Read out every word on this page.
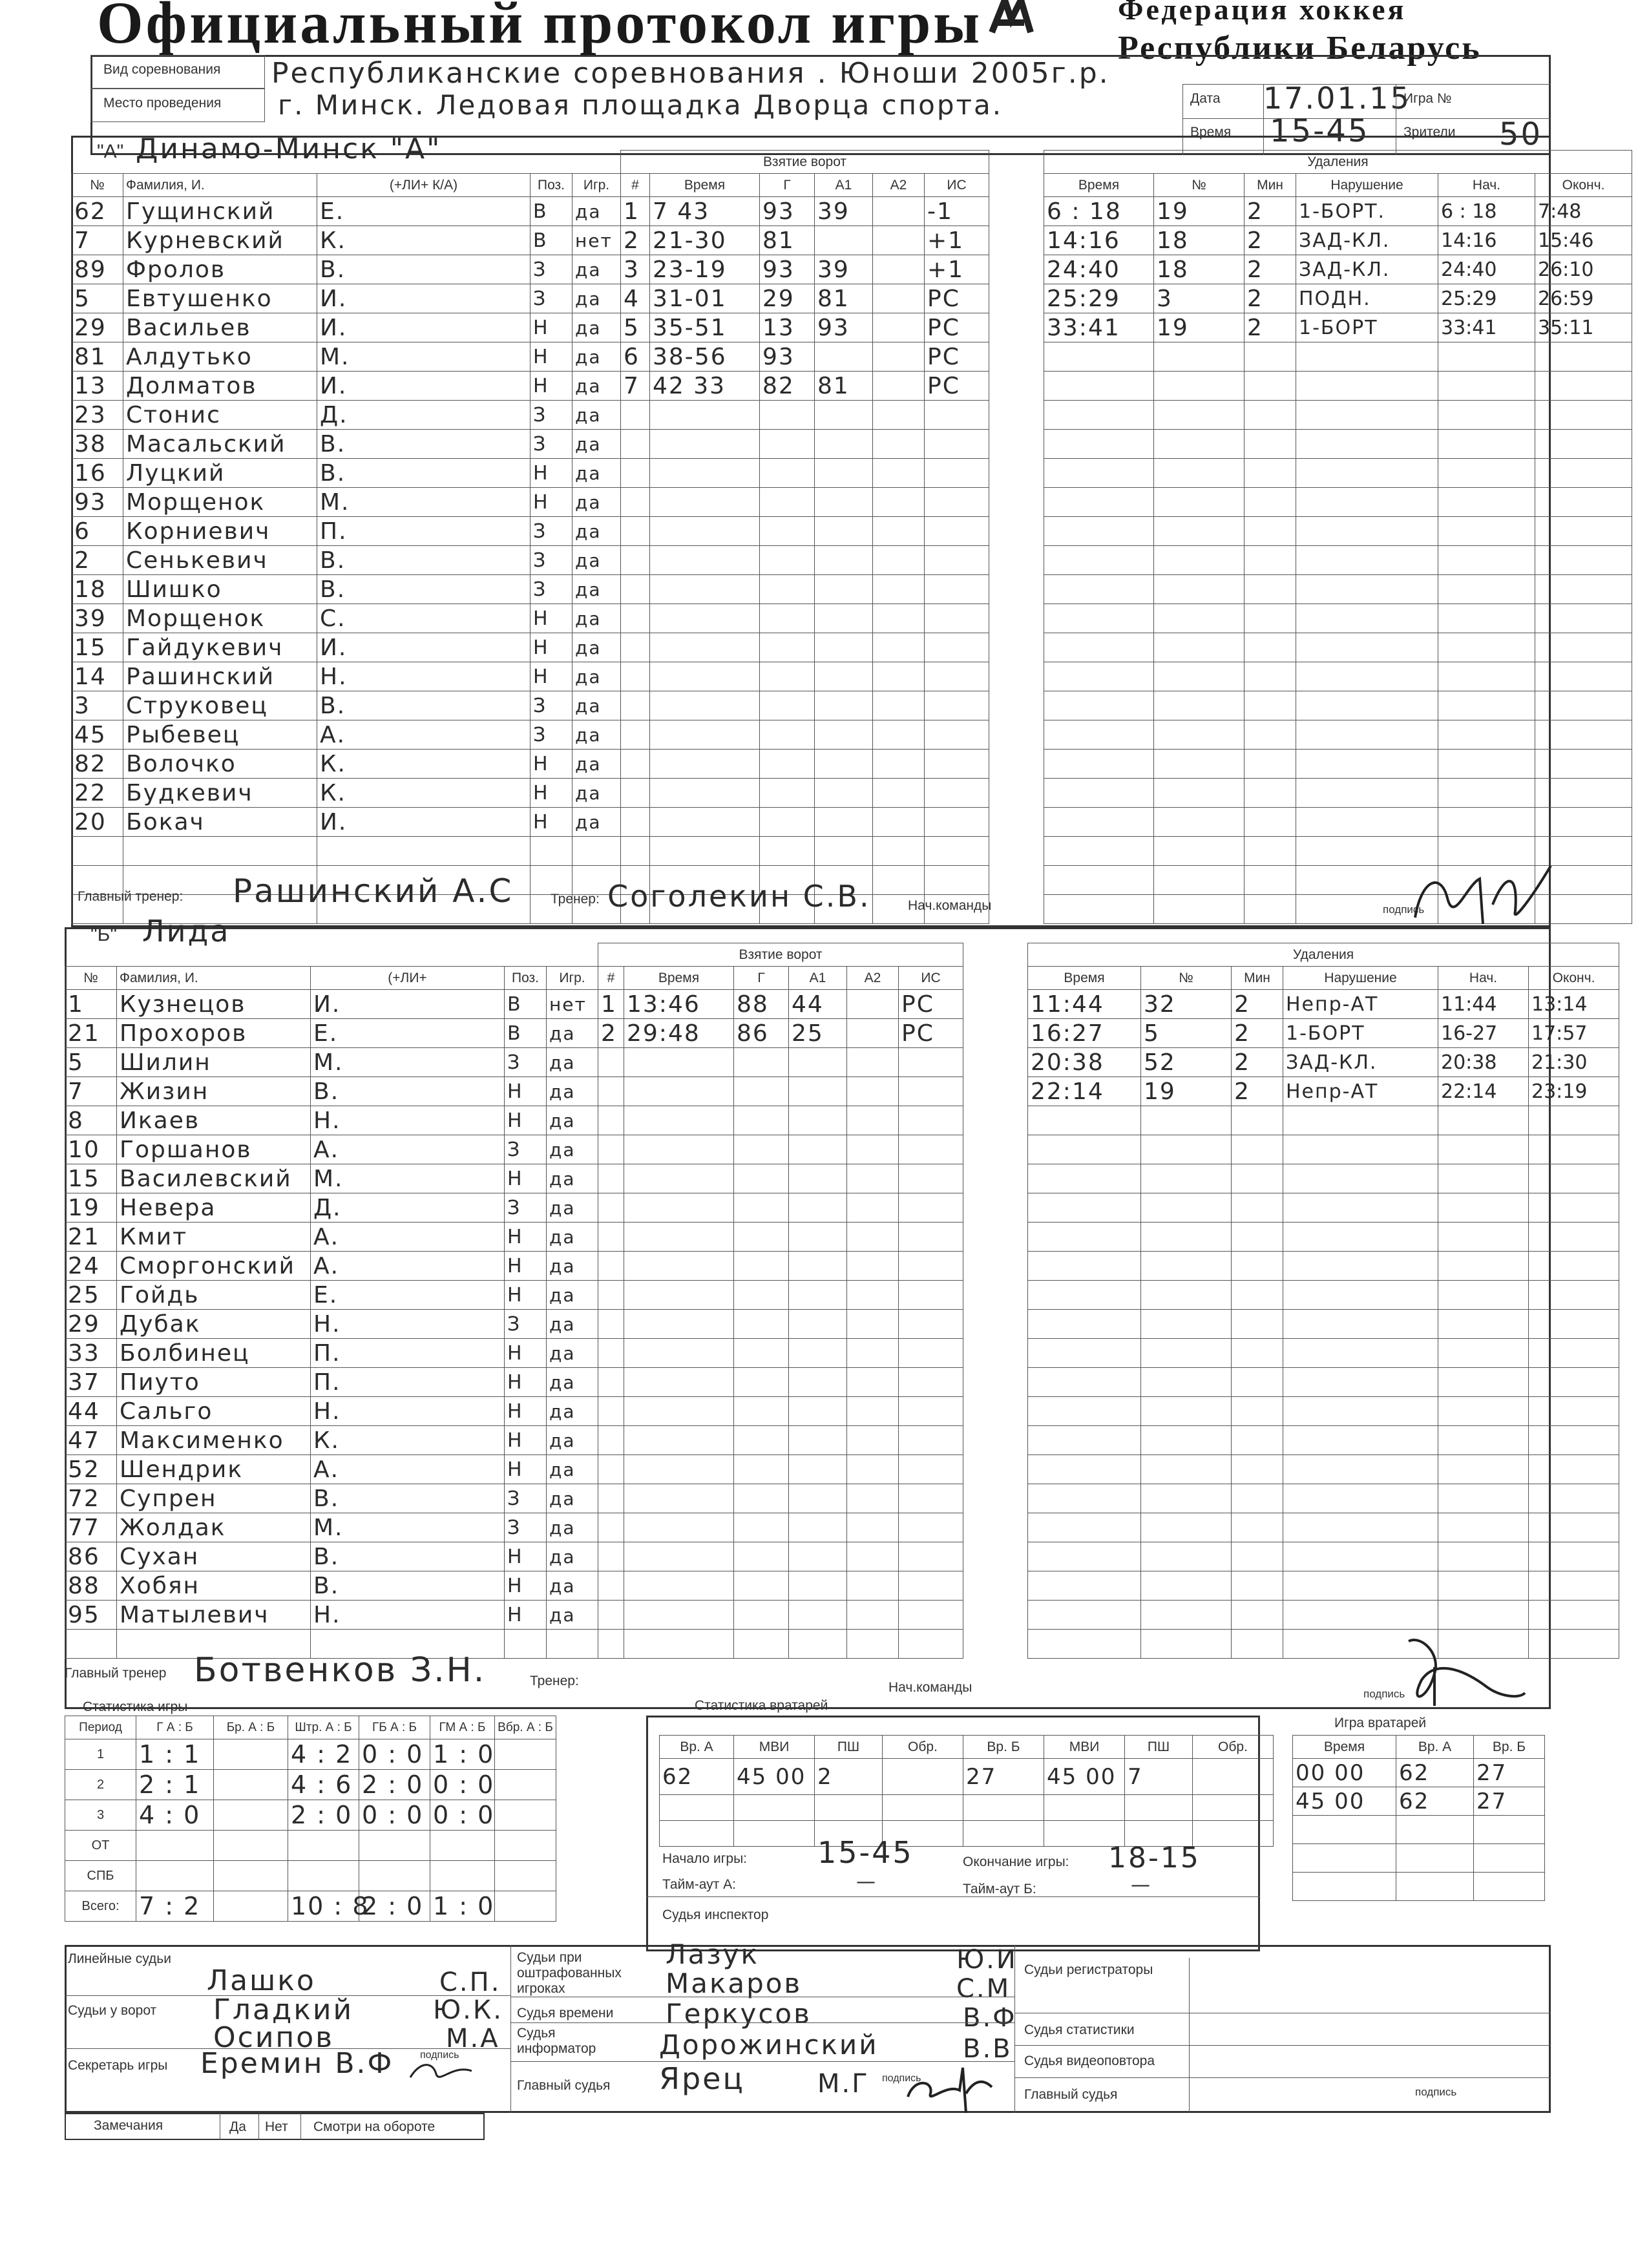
Официальный протокол игры	Федерация хоккея
Республики Беларусь
Вид соревнования Республиканские соревнования . Юноши 2005г.р.
Место проведения г. Минск. Ледовая площадка Дворца спорта.	Дата 17.01.15
Игра №
Время 15-45	Зрители 50
"А" Динамо-Минск "А"
№	Фамилия, И.	(+ЛИ+ К/А)	Поз.	Игр.
62	Гущинский	Е.	В	да
7	Курневский	К.	В	нет
89	Фролов	В.	З	да
5	Евтушенко	И.	З	да
29	Васильев	И.	Н	да
81	Алдутько	М.	Н	да
13	Долматов	И.	Н	да
23	Стонис	Д.	З	да
38	Масальский	В.	З	да
16	Луцкий	В.	Н	да
93	Морщенок	М.	Н	да
6	Корниевич	П.	З	да
2	Сенькевич	В.	З	да
18	Шишко	В.	З	да
39	Морщенок	С.	Н	да
15	Гайдукевич	И.	Н	да
14	Рашинский	Н.	Н	да
3	Струковец	В.	З	да
45	Рыбевец	А.	З	да
82	Волочко	К.	Н	да
22	Будкевич	К.	Н	да
20	Бокач	И.	Н	да

Взятие ворот					
#	Время	Г	А1	А2	ИС
1	7 43	93	39		-1
2	21-30	81			+1
3	23-19	93	39		+1
4	31-01	29	81		РС
5	35-51	13	93		РС
6	38-56	93			РС
7	42 33	82	81		РС

Удаления					
Время	№	Мин	Нарушение	Нач.	Оконч.
6 : 18	19	2	1-БОРТ.	6 : 18	7:48
14:16	18	2	ЗАД-КЛ.	14:16	15:46
24:40	18	2	ЗАД-КЛ.	24:40	26:10
25:29	3	2	ПОДН.	25:29	26:59
33:41	19	2	1-БОРТ	33:41	35:11

Главный тренер: Рашинский А.С	Тренер: Соголекин С.В.	Нач.команды	подпись
"Б" Лида
№	Фамилия, И.	(+ЛИ+	Поз.	Игр.
1	Кузнецов	И.	В	нет
21	Прохоров	Е.	В	да
5	Шилин	М.	З	да
7	Жизин	В.	Н	да
8	Икаев	Н.	Н	да
10	Горшанов	А.	З	да
15	Василевский	М.	Н	да
19	Невера	Д.	З	да
21	Кмит	А.	Н	да
24	Сморгонский	А.	Н	да
25	Гойдь	Е.	Н	да
29	Дубак	Н.	З	да
33	Болбинец	П.	Н	да
37	Пиуто	П.	Н	да
44	Сальго	Н.	Н	да
47	Максименко	К.	Н	да
52	Шендрик	А.	Н	да
72	Супрен	В.	З	да
77	Жолдак	М.	З	да
86	Сухан	В.	Н	да
88	Хобян	В.	Н	да
95	Матылевич	Н.	Н	да

Взятие ворот					
#	Время	Г	А1	А2	ИС
1	13:46	88	44		РС
2	29:48	86	25		РС

Удаления					
Время	№	Мин	Нарушение	Нач.	Оконч.
11:44	32	2	Непр-АТ	11:44	13:14
16:27	5	2	1-БОРТ	16-27	17:57
20:38	52	2	ЗАД-КЛ.	20:38	21:30
22:14	19	2	Непр-АТ	22:14	23:19

Главный тренер Ботвенков З.Н.	Тренер:	Нач.команды	подпись
Статистика игры
Период	Г А : Б	Бр. А : Б	Штр. А : Б	ГБ А : Б	ГМ А : Б	Вбр. А : Б
1	1 : 1		4 : 2	0 : 0	1 : 0	
2	2 : 1		4 : 6	2 : 0	0 : 0	
3	4 : 0		2 : 0	0 : 0	0 : 0	
ОТ						
СПБ						
Всего:	7 : 2		10 : 8	2 : 0	1 : 0	
Статистика вратарей
Вр. А	МВИ	ПШ	Обр.	Вр. Б	МВИ	ПШ	Обр.
62	45 00	2		27	45 00	7	

Начало игры: 15-45	Окончание игры: 18-15
Тайм-аут А:	—	Тайм-аут Б:	—
Судья инспектор
Игра вратарей
Время	Вр. А	Вр. Б
00 00	62	27
45 00	62	27

Линейные судьи
Лашко	С.П.
Гладкий	Ю.К.
Судьи у ворот
Осипов	М.А
Секретарь игры Еремин В.Ф	подпись
Судьи при оштрафованных игроках
Лазук	Ю.И
Макаров	С.М
Судья времени Геркусов	В.Ф
Судья информатор	Дорожинский	В.В
Главный судья Ярец	М.Г подпись
Судьи регистраторы
Судья статистики
Судья видеоповтора
Главный судья	подпись
Замечания	Да Нет Смотри на обороте
